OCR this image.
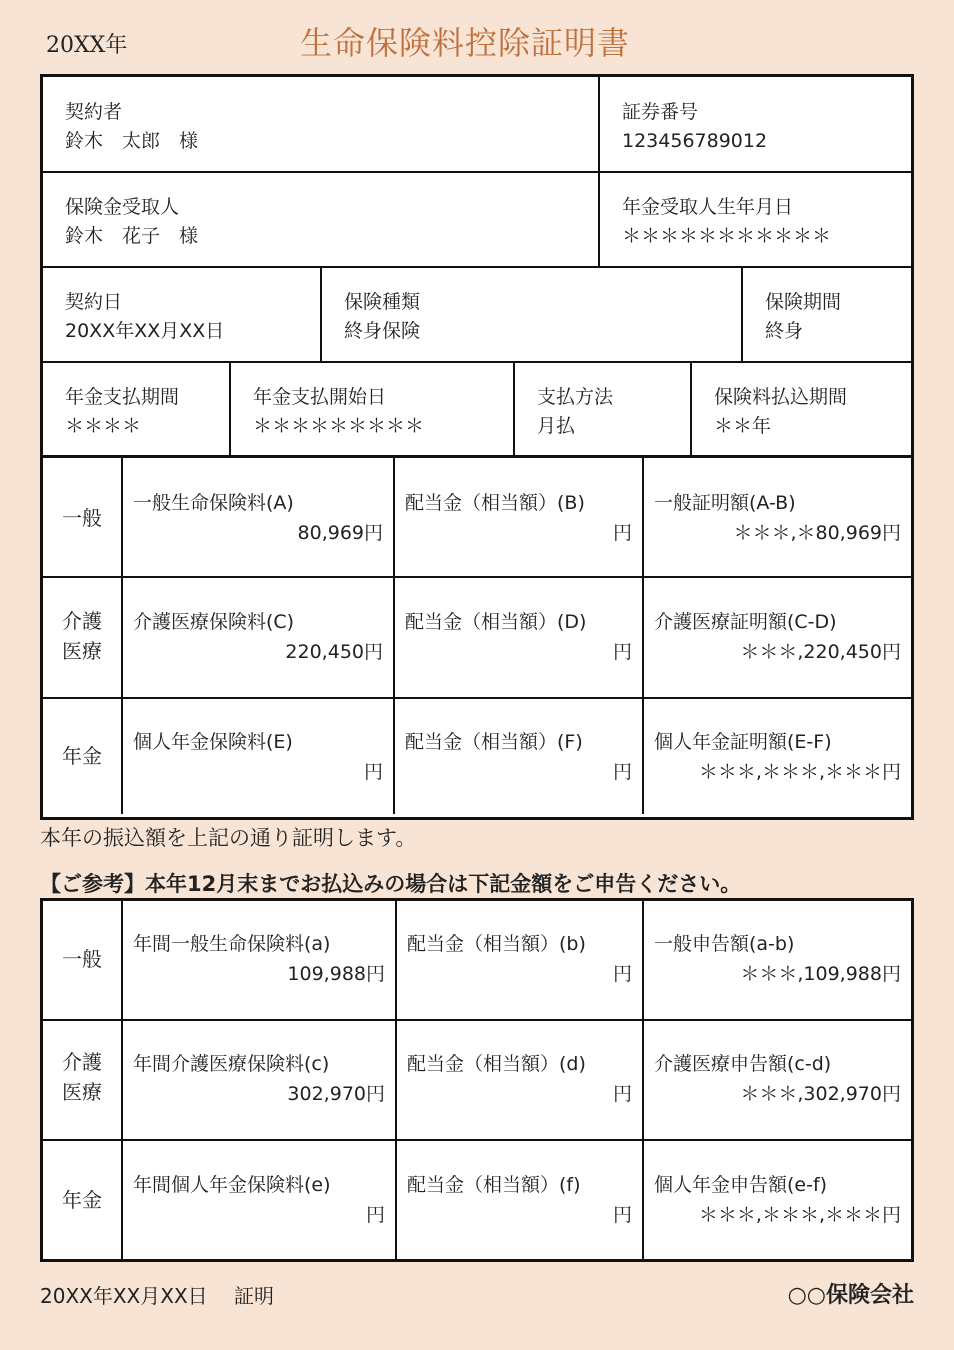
20XX年	生命保険料控除証明書
契約者
鈴木　太郎　様
証券番号
123456789012
保険金受取人
鈴木　花子　様
年金受取人生年月日
＊＊＊＊＊＊＊＊＊＊＊
契約日
20XX年XX月XX日
保険種類
終身保険
保険期間
終身
年金支払期間
＊＊＊＊
年金支払開始日
＊＊＊＊＊＊＊＊＊
支払方法
月払
保険料払込期間
＊＊年
一般
一般生命保険料(A)
80,969円
配当金（相当額）(B)
円
一般証明額(A-B)
＊＊＊,＊80,969円
介護
医療
介護医療保険料(C)
220,450円
配当金（相当額）(D)
円
介護医療証明額(C-D)
＊＊＊,220,450円
年金
個人年金保険料(E)
円
配当金（相当額）(F)
円
個人年金証明額(E-F)
＊＊＊,＊＊＊,＊＊＊円
本年の振込額を上記の通り証明します。
【ご参考】本年12月末までお払込みの場合は下記金額をご申告ください。
一般
年間一般生命保険料(a)
109,988円
配当金（相当額）(b)
円
一般申告額(a-b)
＊＊＊,109,988円
介護
医療
年間介護医療保険料(c)
302,970円
配当金（相当額）(d)
円
介護医療申告額(c-d)
＊＊＊,302,970円
年金
年間個人年金保険料(e)
円
配当金（相当額）(f)
円
個人年金申告額(e-f)
＊＊＊,＊＊＊,＊＊＊円
20XX年XX月XX日　 証明	○○保険会社
